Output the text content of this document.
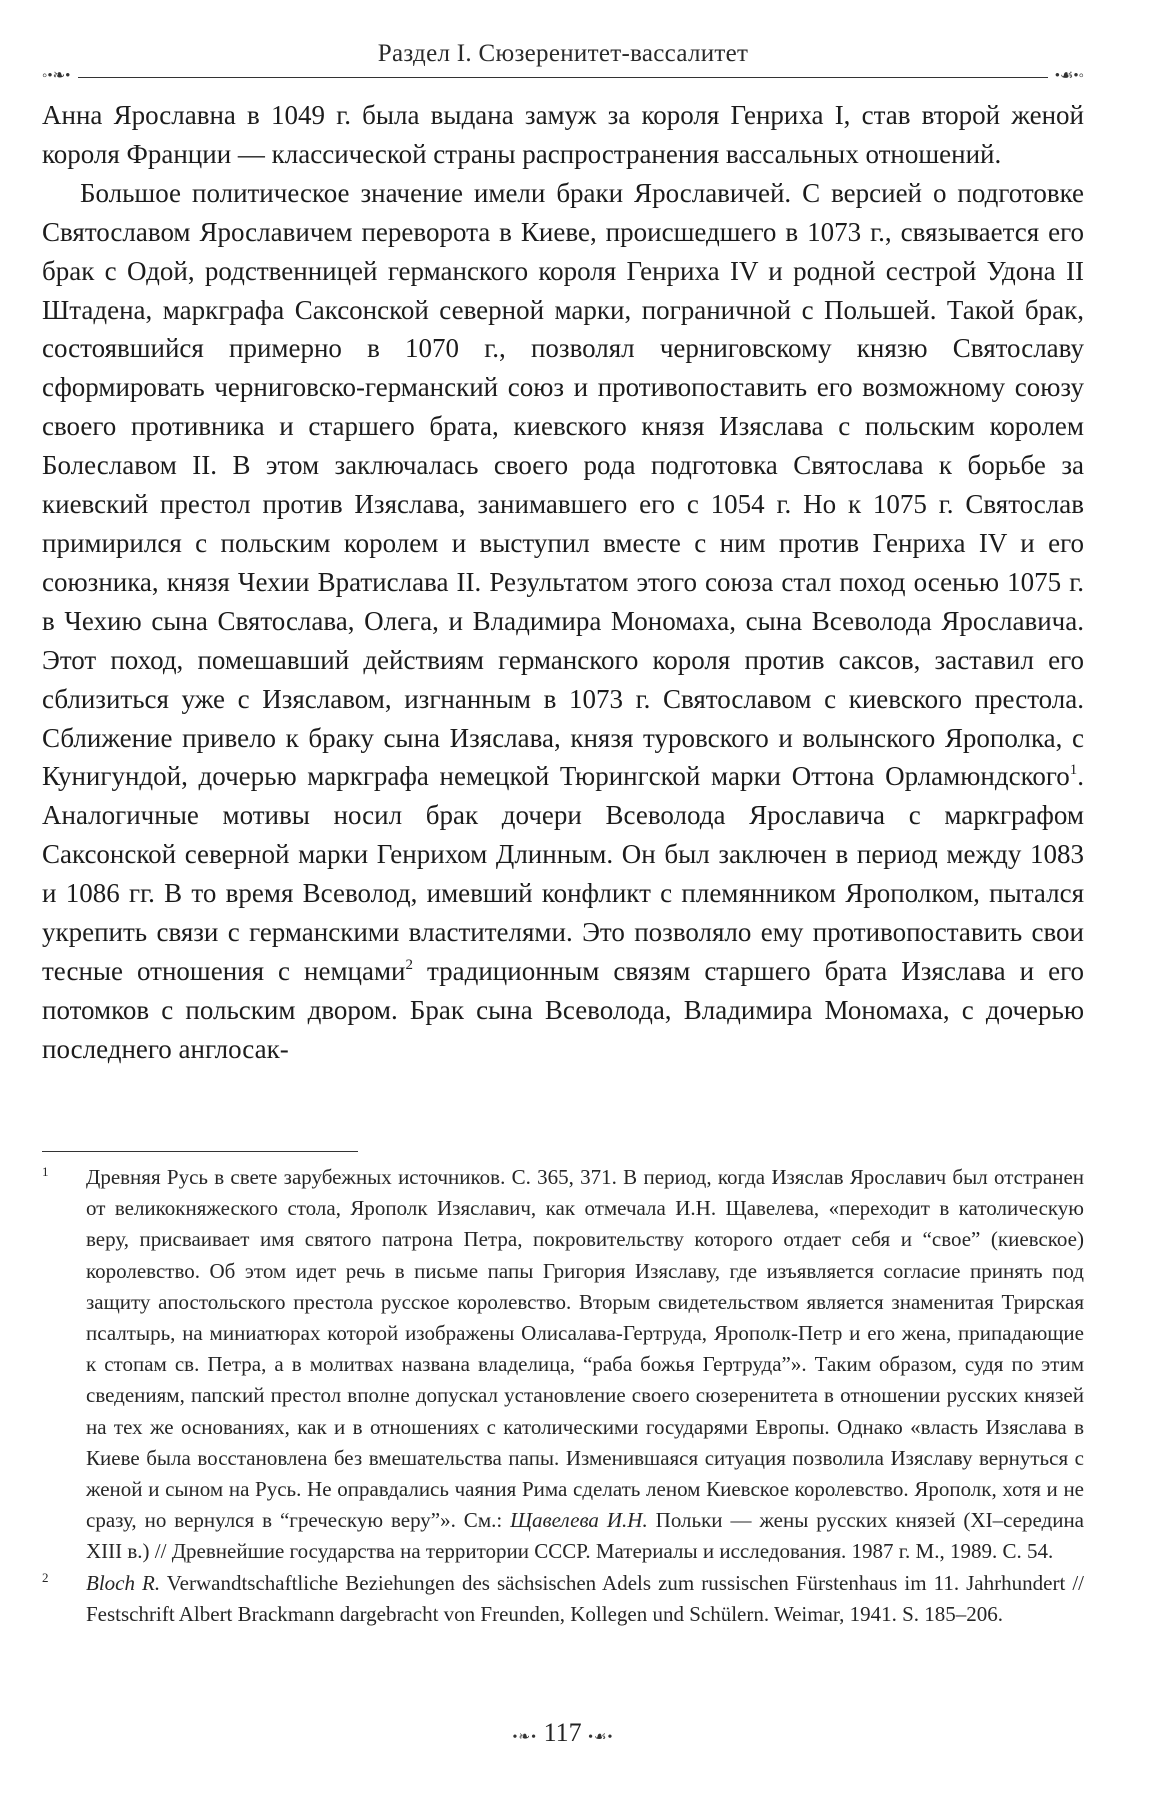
Раздел I. Сюзеренитет-вассалитет
◦•❧•	•☙•◦

Анна Ярославна в 1049 г. была выдана замуж за короля Генриха I, став второй женой короля Франции — классической страны распространения вассальных отношений.

Большое политическое значение имели браки Ярославичей. С версией о подготовке Святославом Ярославичем переворота в Киеве, происшедшего в 1073 г., связывается его брак с Одой, родственницей германского короля Генриха IV и родной сестрой Удона II Штадена, маркграфа Саксонской северной марки, пограничной с Польшей. Такой брак, состоявшийся примерно в 1070 г., позволял черниговскому князю Святославу сформировать черниговско-германский союз и противопоставить его возможному союзу своего противника и старшего брата, киевского князя Изяслава с польским королем Болеславом II. В этом заключалась своего рода подготовка Святослава к борьбе за киевский престол против Изяслава, занимавшего его с 1054 г. Но к 1075 г. Святослав примирился с польским королем и выступил вместе с ним против Генриха IV и его союзника, князя Чехии Вратислава II. Результатом этого союза стал поход осенью 1075 г. в Чехию сына Святослава, Олега, и Владимира Мономаха, сына Всеволода Ярославича. Этот поход, помешавший действиям германского короля против саксов, заставил его сблизиться уже с Изяславом, изгнанным в 1073 г. Святославом с киевского престола. Сближение привело к браку сына Изяслава, князя туровского и волынского Ярополка, с Кунигундой, дочерью маркграфа немецкой Тюрингской марки Оттона Орламюндского$^1$. Аналогичные мотивы носил брак дочери Всеволода Ярославича с маркграфом Саксонской северной марки Генрихом Длинным. Он был заключен в период между 1083 и 1086 гг. В то время Всеволод, имевший конфликт с племянником Ярополком, пытался укрепить связи с германскими властителями. Это позволяло ему противопоставить свои тесные отношения с немцами$^2$ традиционным связям старшего брата Изяслава и его потомков с польским двором. Брак сына Всеволода, Владимира Мономаха, с дочерью последнего англосак-

1 Древняя Русь в свете зарубежных источников. С. 365, 371. В период, когда Изяслав Ярославич был отстранен от великокняжеского стола, Ярополк Изяславич, как отмечала И.Н. Щавелева, «переходит в католическую веру, присваивает имя святого патрона Петра, покровительству которого отдает себя и “свое” (киевское) королевство. Об этом идет речь в письме папы Григория Изяславу, где изъявляется согласие принять под защиту апостольского престола русское королевство. Вторым свидетельством является знаменитая Трирская псалтырь, на миниатюрах которой изображены Олисалава-Гертруда, Ярополк-Петр и его жена, припадающие к стопам св. Петра, а в молитвах названа владелица, “раба божья Гертруда”». Таким образом, судя по этим сведениям, папский престол вполне допускал установление своего сюзеренитета в отношении русских князей на тех же основаниях, как и в отношениях с католическими государями Европы. Однако «власть Изяслава в Киеве была восстановлена без вмешательства папы. Изменившаяся ситуация позволила Изяславу вернуться с женой и сыном на Русь. Не оправдались чаяния Рима сделать леном Киевское королевство. Ярополк, хотя и не сразу, но вернулся в “греческую веру”». См.: Щавелева И.Н. Польки — жены русских князей (XI–середина XIII в.) // Древнейшие государства на территории СССР. Материалы и исследования. 1987 г. М., 1989. С. 54.

2 Bloch R. Verwandtschaftliche Beziehungen des sächsischen Adels zum russischen Fürstenhaus im 11. Jahrhundert // Festschrift Albert Brackmann dargebracht von Freunden, Kollegen und Schülern. Weimar, 1941. S. 185–206.

•❧• 117 •☙•
